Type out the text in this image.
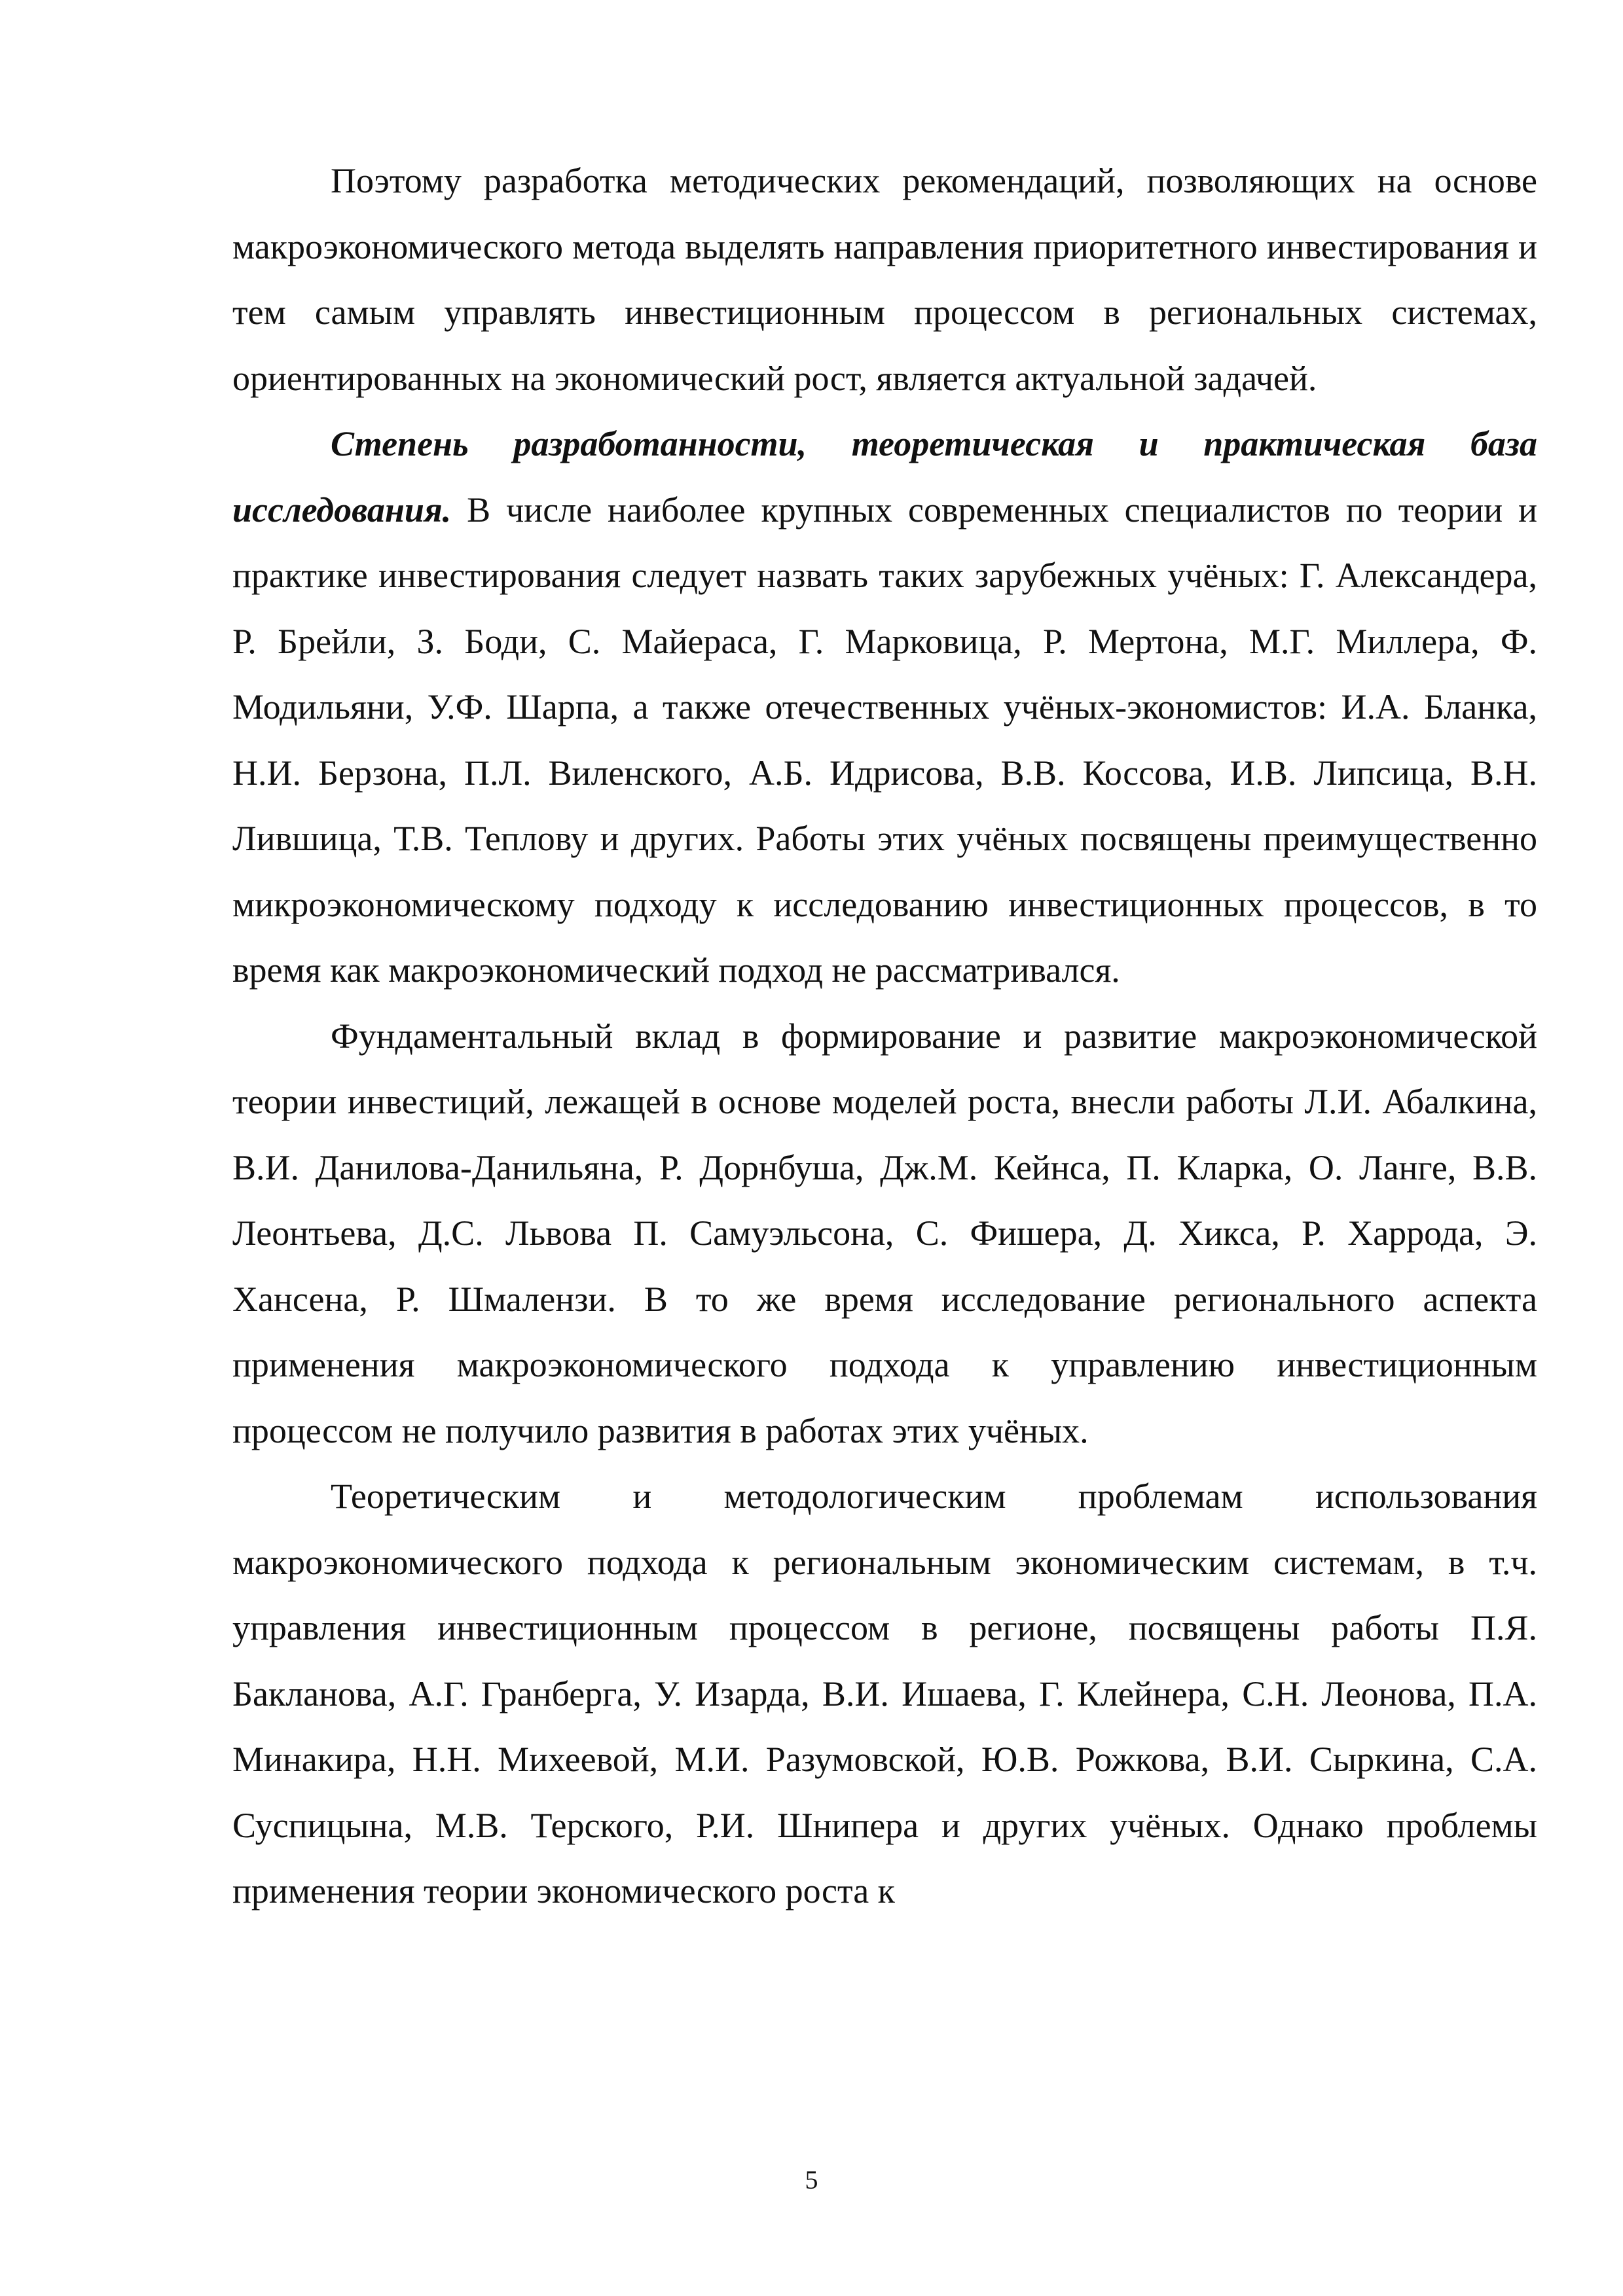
Поэтому разработка методических рекомендаций, позволяющих на основе макроэкономического метода выделять направления приоритетного инвестирования и тем самым управлять инвестиционным процессом в региональных системах, ориентированных на экономический рост, является актуальной задачей.

Степень разработанности, теоретическая и практическая база исследования. В числе наиболее крупных современных специалистов по теории и практике инвестирования следует назвать таких зарубежных учёных: Г. Александера, Р. Брейли, З. Боди, С. Майераса, Г. Марковица, Р. Мертона, М.Г. Миллера, Ф. Модильяни, У.Ф. Шарпа, а также отечественных учёных-экономистов: И.А. Бланка, Н.И. Берзона, П.Л. Виленского, А.Б. Идрисова, В.В. Коссова, И.В. Липсица, В.Н. Лившица, Т.В. Теплову и других. Работы этих учёных посвящены преимущественно микроэкономическому подходу к исследованию инвестиционных процессов, в то время как макроэкономический подход не рассматривался.

Фундаментальный вклад в формирование и развитие макроэкономической теории инвестиций, лежащей в основе моделей роста, внесли работы Л.И. Абалкина, В.И. Данилова-Данильяна, Р. Дорнбуша, Дж.М. Кейнса, П. Кларка, О. Ланге, В.В. Леонтьева, Д.С. Львова П. Самуэльсона, С. Фишера, Д. Хикса, Р. Харрода, Э. Хансена, Р. Шмалензи. В то же время исследование регионального аспекта применения макроэкономического подхода к управлению инвестиционным процессом не получило развития в работах этих учёных.

Теоретическим и методологическим проблемам использования макроэкономического подхода к региональным экономическим системам, в т.ч. управления инвестиционным процессом в регионе, посвящены работы П.Я. Бакланова, А.Г. Гранберга, У. Изарда, В.И. Ишаева, Г. Клейнера, С.Н. Леонова, П.А. Минакира, Н.Н. Михеевой, М.И. Разумовской, Ю.В. Рожкова, В.И. Сыркина, С.А. Суспицына, М.В. Терского, Р.И. Шнипера и других учёных. Однако проблемы применения теории экономического роста к

5
